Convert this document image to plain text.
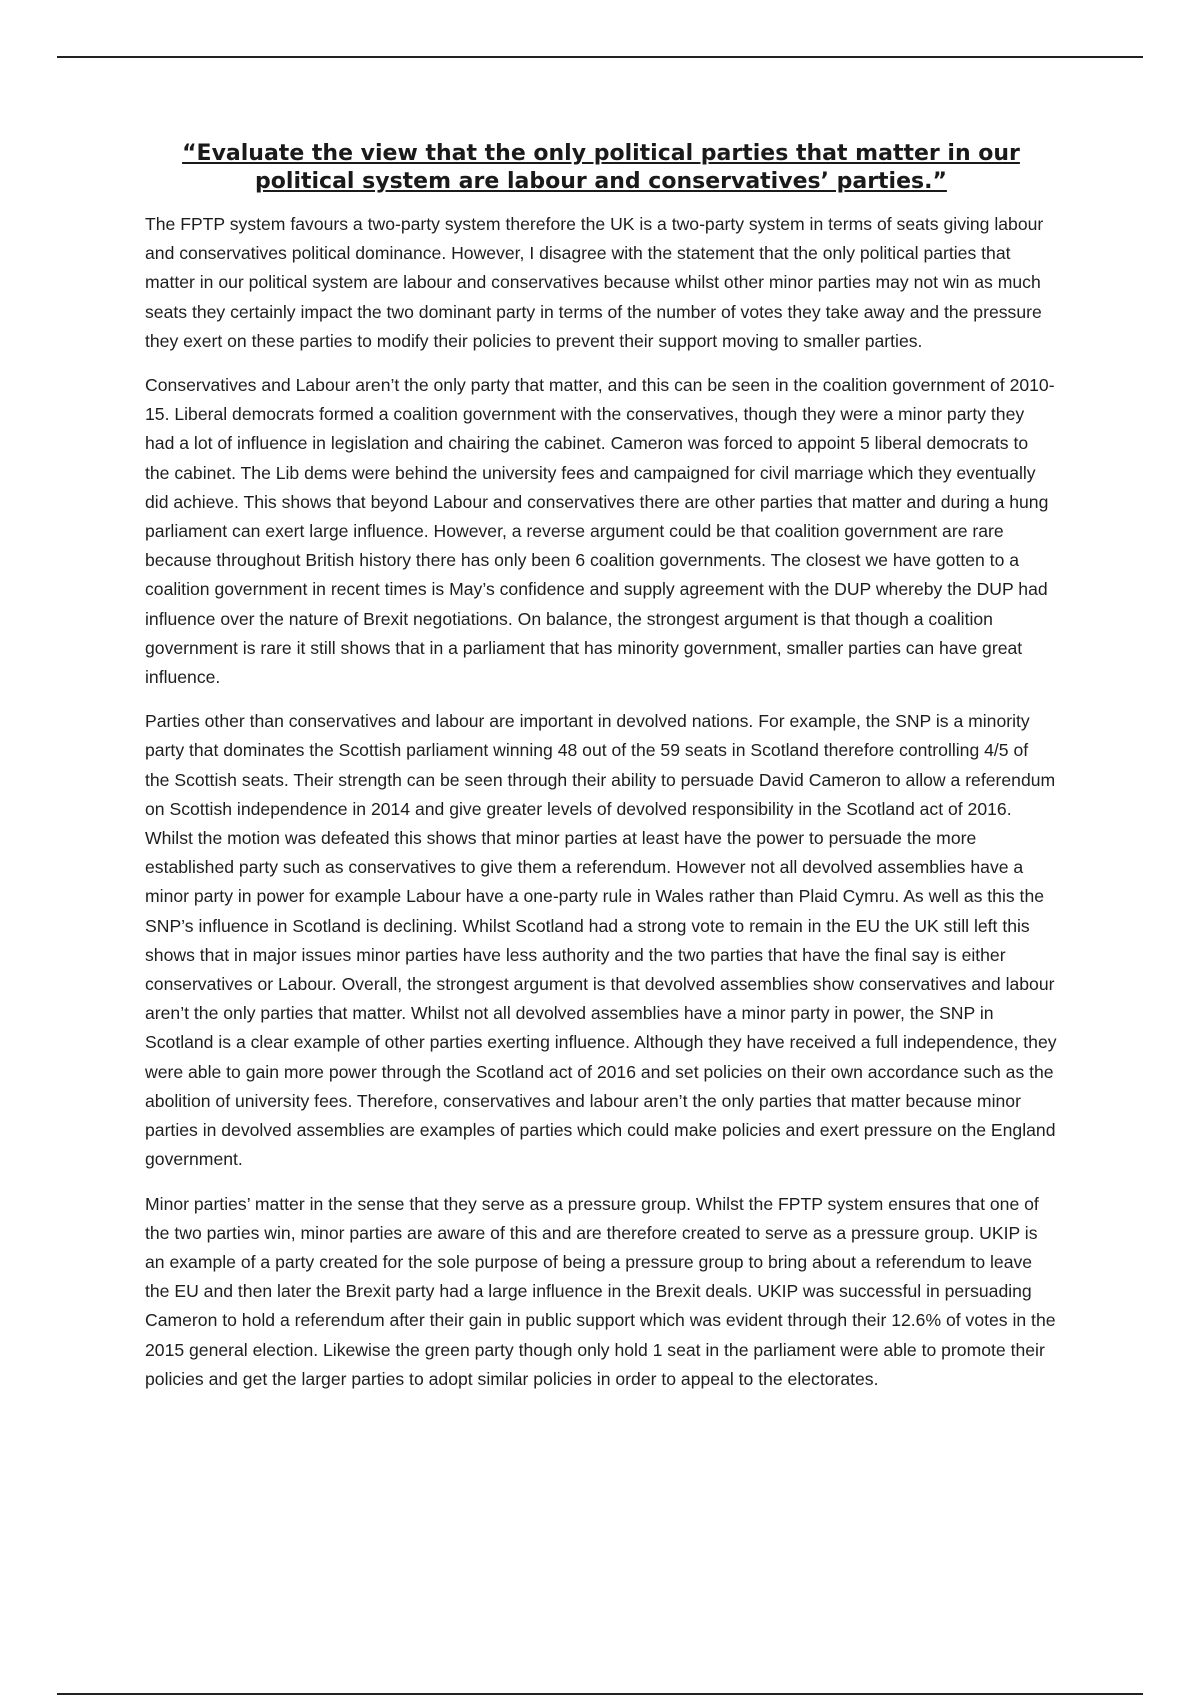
“Evaluate the view that the only political parties that matter in our political system are labour and conservatives’ parties.”

The FPTP system favours a two-party system therefore the UK is a two-party system in terms of seats giving labour and conservatives political dominance. However, I disagree with the statement that the only political parties that matter in our political system are labour and conservatives because whilst other minor parties may not win as much seats they certainly impact the two dominant party in terms of the number of votes they take away and the pressure they exert on these parties to modify their policies to prevent their support moving to smaller parties.

Conservatives and Labour aren’t the only party that matter, and this can be seen in the coalition government of 2010-15. Liberal democrats formed a coalition government with the conservatives, though they were a minor party they had a lot of influence in legislation and chairing the cabinet. Cameron was forced to appoint 5 liberal democrats to the cabinet. The Lib dems were behind the university fees and campaigned for civil marriage which they eventually did achieve. This shows that beyond Labour and conservatives there are other parties that matter and during a hung parliament can exert large influence. However, a reverse argument could be that coalition government are rare because throughout British history there has only been 6 coalition governments. The closest we have gotten to a coalition government in recent times is May’s confidence and supply agreement with the DUP whereby the DUP had influence over the nature of Brexit negotiations. On balance, the strongest argument is that though a coalition government is rare it still shows that in a parliament that has minority government, smaller parties can have great influence.

Parties other than conservatives and labour are important in devolved nations. For example, the SNP is a minority party that dominates the Scottish parliament winning 48 out of the 59 seats in Scotland therefore controlling 4/5 of the Scottish seats. Their strength can be seen through their ability to persuade David Cameron to allow a referendum on Scottish independence in 2014 and give greater levels of devolved responsibility in the Scotland act of 2016. Whilst the motion was defeated this shows that minor parties at least have the power to persuade the more established party such as conservatives to give them a referendum. However not all devolved assemblies have a minor party in power for example Labour have a one-party rule in Wales rather than Plaid Cymru. As well as this the SNP’s influence in Scotland is declining. Whilst Scotland had a strong vote to remain in the EU the UK still left this shows that in major issues minor parties have less authority and the two parties that have the final say is either conservatives or Labour. Overall, the strongest argument is that devolved assemblies show conservatives and labour aren’t the only parties that matter. Whilst not all devolved assemblies have a minor party in power, the SNP in Scotland is a clear example of other parties exerting influence. Although they have received a full independence, they were able to gain more power through the Scotland act of 2016 and set policies on their own accordance such as the abolition of university fees. Therefore, conservatives and labour aren’t the only parties that matter because minor parties in devolved assemblies are examples of parties which could make policies and exert pressure on the England government.

Minor parties’ matter in the sense that they serve as a pressure group. Whilst the FPTP system ensures that one of the two parties win, minor parties are aware of this and are therefore created to serve as a pressure group. UKIP is an example of a party created for the sole purpose of being a pressure group to bring about a referendum to leave the EU and then later the Brexit party had a large influence in the Brexit deals. UKIP was successful in persuading Cameron to hold a referendum after their gain in public support which was evident through their 12.6% of votes in the 2015 general election. Likewise the green party though only hold 1 seat in the parliament were able to promote their policies and get the larger parties to adopt similar policies in order to appeal to the electorates.
